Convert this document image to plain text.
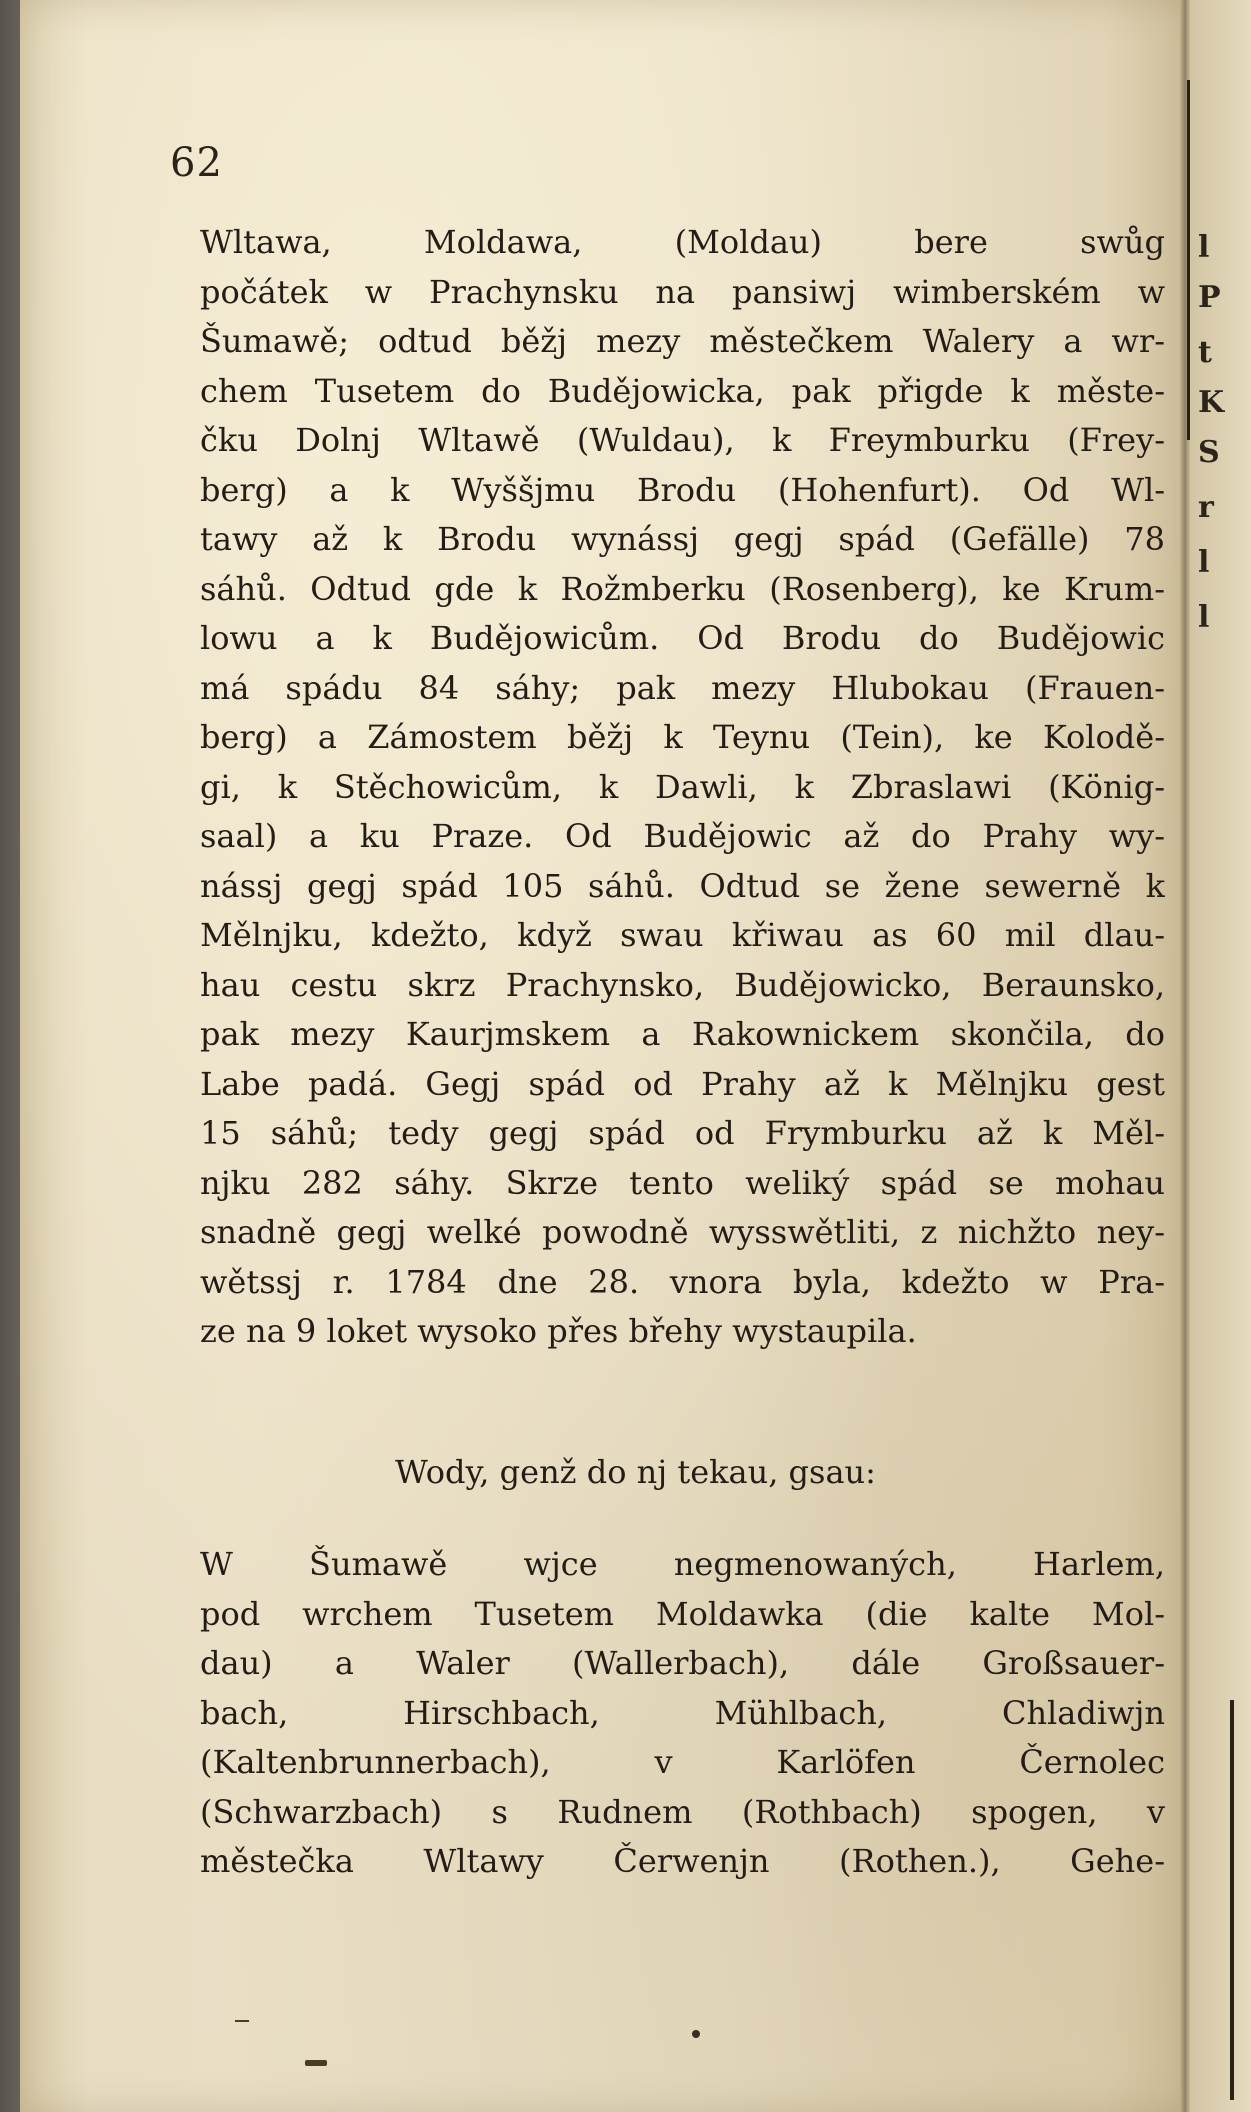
l
P
t
K
S
r
l
l
62
Wltawa, Moldawa, (Moldau) bere swůg
počátek w Prachynsku na pansiwj wimberském w
Šumawě; odtud běžj mezy městečkem Walery a wr-
chem Tusetem do Budějowicka, pak přigde k měste-
čku Dolnj Wltawě (Wuldau), k Freymburku (Frey-
berg) a k Wyššjmu Brodu (Hohenfurt). Od Wl-
tawy až k Brodu wynássj gegj spád (Gefälle) 78
sáhů. Odtud gde k Rožmberku (Rosenberg), ke Krum-
lowu a k Budějowicům. Od Brodu do Budějowic
má spádu 84 sáhy; pak mezy Hlubokau (Frauen-
berg) a Zámostem běžj k Teynu (Tein), ke Kolodě-
gi, k Stěchowicům, k Dawli, k Zbraslawi (König-
saal) a ku Praze. Od Budějowic až do Prahy wy-
nássj gegj spád 105 sáhů. Odtud se žene sewerně k
Mělnjku, kdežto, když swau křiwau as 60 mil dlau-
hau cestu skrz Prachynsko, Budějowicko, Beraunsko,
pak mezy Kaurjmskem a Rakownickem skončila, do
Labe padá. Gegj spád od Prahy až k Mělnjku gest
15 sáhů; tedy gegj spád od Frymburku až k Měl-
njku 282 sáhy. Skrze tento weliký spád se mohau
snadně gegj welké powodně wysswětliti, z nichžto ney-
wětssj r. 1784 dne 28. vnora byla, kdežto w Pra-
ze na 9 loket wysoko přes břehy wystaupila.
Wody, genž do nj tekau, gsau:
W Šumawě wjce negmenowaných, Harlem,
pod wrchem Tusetem Moldawka (die kalte Mol-
dau) a Waler (Wallerbach), dále Großsauer-
bach, Hirschbach, Mühlbach, Chladiwjn
(Kaltenbrunnerbach), v Karlöfen Černolec
(Schwarzbach) s Rudnem (Rothbach) spogen, v
městečka Wltawy Čerwenjn (Rothen.), Gehe-
